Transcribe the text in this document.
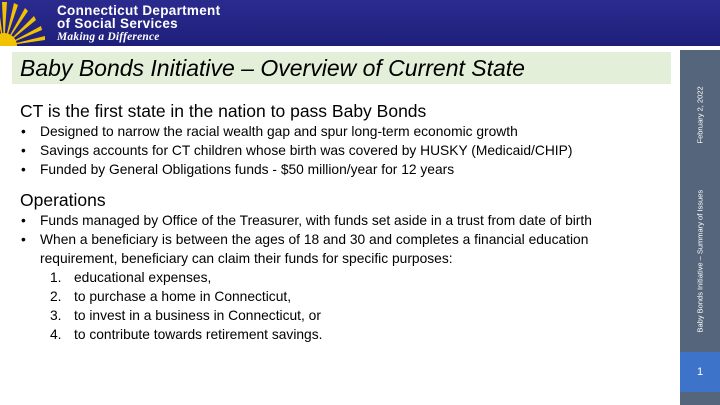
Connecticut Department
of Social Services
Making a Difference
February 2, 2022
Baby Bonds Initiative – Summary of Issues
1
Baby Bonds Initiative – Overview of Current State
CT is the first state in the nation to pass Baby Bonds
• Designed to narrow the racial wealth gap and spur long-term economic growth
• Savings accounts for CT children whose birth was covered by HUSKY (Medicaid/CHIP)
• Funded by General Obligations funds - $50 million/year for 12 years
Operations
• Funds managed by Office of the Treasurer, with funds set aside in a trust from date of birth
• When a beneficiary is between the ages of 18 and 30 and completes a financial education requirement, beneficiary can claim their funds for specific purposes:
1. educational expenses,
2. to purchase a home in Connecticut,
3. to invest in a business in Connecticut, or
4. to contribute towards retirement savings.
